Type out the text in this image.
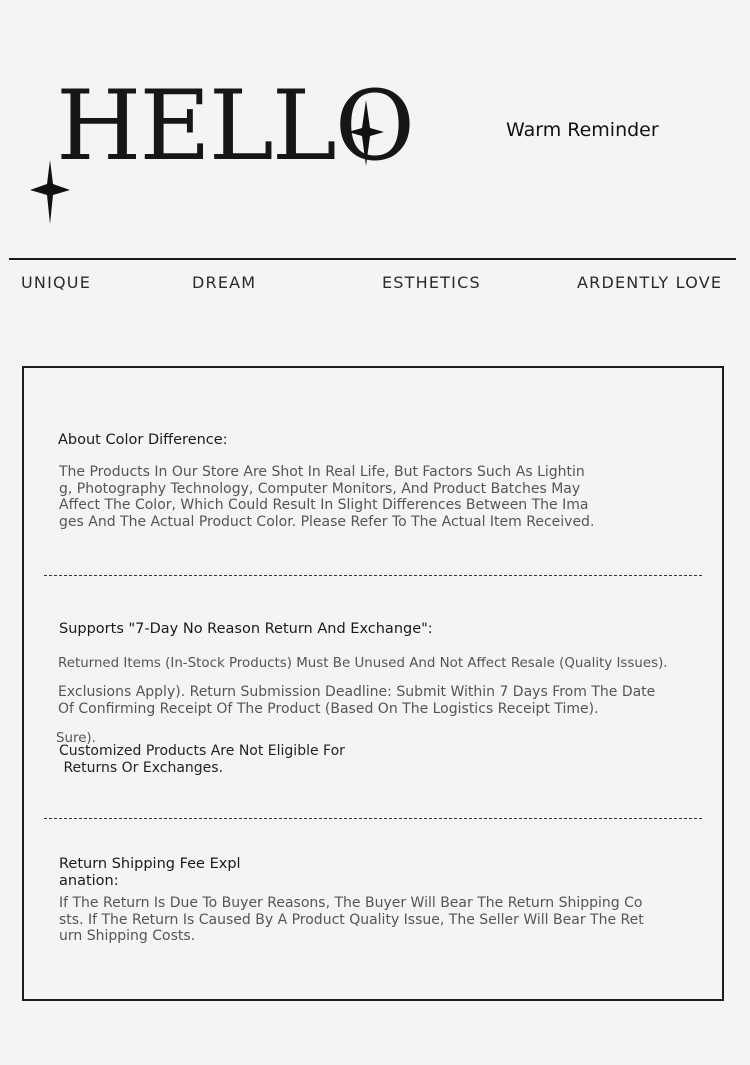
HELLO	Warm Reminder
UNIQUE	DREAM	ESTHETICS	ARDENTLY LOVE
About Color Difference:
The Products In Our Store Are Shot In Real Life, But Factors Such As Lightin
g, Photography Technology, Computer Monitors, And Product Batches May
Affect The Color, Which Could Result In Slight Differences Between The Ima
ges And The Actual Product Color. Please Refer To The Actual Item Received.
Supports "7-Day No Reason Return And Exchange":
Returned Items (In-Stock Products) Must Be Unused And Not Affect Resale (Quality Issues).
Exclusions Apply). Return Submission Deadline: Submit Within 7 Days From The Date
Of Confirming Receipt Of The Product (Based On The Logistics Receipt Time).
Sure).
Customized Products Are Not Eligible For
Returns Or Exchanges.
Return Shipping Fee Expl
anation:
If The Return Is Due To Buyer Reasons, The Buyer Will Bear The Return Shipping Co
sts. If The Return Is Caused By A Product Quality Issue, The Seller Will Bear The Ret
urn Shipping Costs.
